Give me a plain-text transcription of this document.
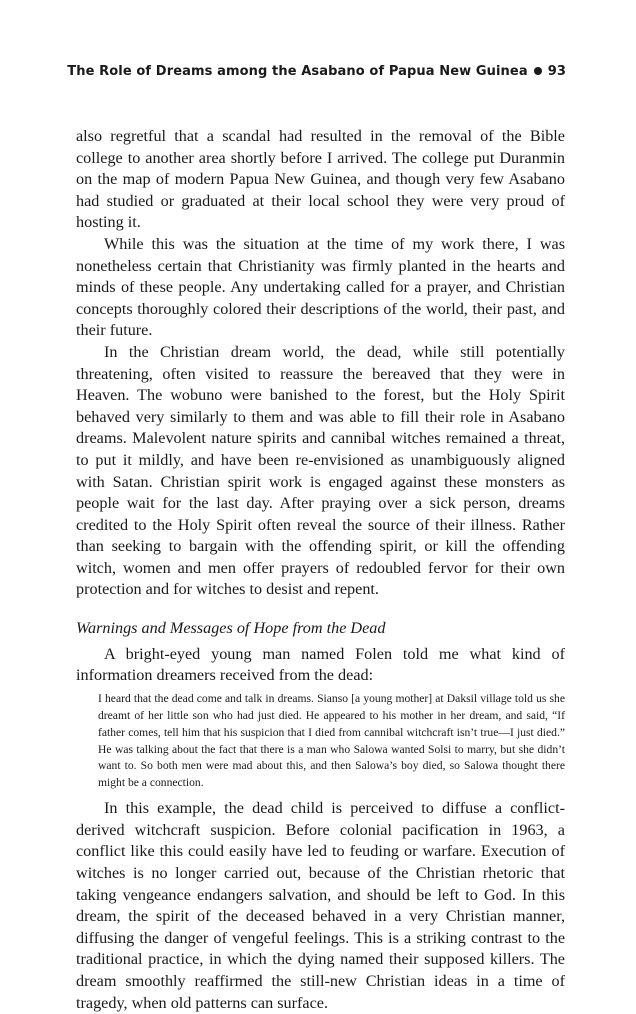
The Role of Dreams among the Asabano of Papua New Guinea 93

also regretful that a scandal had resulted in the removal of the Bible college to another area shortly before I arrived. The college put Duranmin on the map of modern Papua New Guinea, and though very few Asabano had studied or graduated at their local school they were very proud of hosting it.

While this was the situation at the time of my work there, I was nonetheless certain that Christianity was firmly planted in the hearts and minds of these people. Any undertaking called for a prayer, and Christian concepts thoroughly colored their descriptions of the world, their past, and their future.

In the Christian dream world, the dead, while still potentially threatening, often visited to reassure the bereaved that they were in Heaven. The wobuno were banished to the forest, but the Holy Spirit behaved very similarly to them and was able to fill their role in Asabano dreams. Malevolent nature spirits and cannibal witches remained a threat, to put it mildly, and have been re-envisioned as unambiguously aligned with Satan. Christian spirit work is engaged against these monsters as people wait for the last day. After praying over a sick person, dreams credited to the Holy Spirit often reveal the source of their illness. Rather than seeking to bargain with the offending spirit, or kill the offending witch, women and men offer prayers of redoubled fervor for their own protection and for witches to desist and repent.

Warnings and Messages of Hope from the Dead

A bright-eyed young man named Folen told me what kind of information dreamers received from the dead:

I heard that the dead come and talk in dreams. Sianso [a young mother] at Daksil village told us she dreamt of her little son who had just died. He appeared to his mother in her dream, and said, “If father comes, tell him that his suspicion that I died from cannibal witchcraft isn’t true—I just died.” He was talking about the fact that there is a man who Salowa wanted Solsi to marry, but she didn’t want to. So both men were mad about this, and then Salowa’s boy died, so Salowa thought there might be a connection.

In this example, the dead child is perceived to diffuse a conflict-derived witchcraft suspicion. Before colonial pacification in 1963, a conflict like this could easily have led to feuding or warfare. Execution of witches is no longer carried out, because of the Christian rhetoric that taking vengeance endangers salvation, and should be left to God. In this dream, the spirit of the deceased behaved in a very Christian manner, diffusing the danger of vengeful feelings. This is a striking contrast to the traditional practice, in which the dying named their supposed killers. The dream smoothly reaffirmed the still-new Christian ideas in a time of tragedy, when old patterns can surface.
